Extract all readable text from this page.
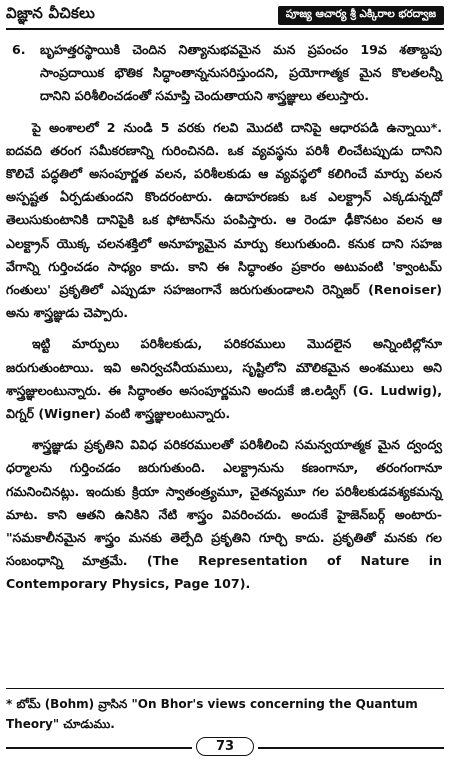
విజ్ఞాన వీచికలు	పూజ్య ఆచార్య శ్రీ ఎక్కిరాల భరద్వాజ
6.	బృహత్తరస్థాయికి చెందిన నిత్యానుభవమైన మన ప్రపంచం 19వ శతాబ్దపు సాంప్రదాయిక భౌతిక సిద్ధాంతాన్ననుసరిస్తుందని, ప్రయోగాత్మక మైన కొలతలన్నీ దానిని పరిశీలించడంతో సమాప్తి చెందుతాయని శాస్త్రజ్ఞులు తలుస్తారు.

పై అంశాలలో 2 నుండి 5 వరకు గలవి మొదటి దానిపై ఆధారపడి ఉన్నాయి*. ఐదవది తరంగ సమీకరణాన్ని గురించినది. ఒక వ్యవస్థను పరిశీ లించేటప్పుడు దానిని కొలిచే పద్ధతిలో అసంపూర్ణత వలన, పరిశీలకుడు ఆ వ్యవస్థలో కలిగించే మార్పు వలన అస్పష్టత ఏర్పడుతుందని కొందరంటారు. ఉదాహరణకు ఒక ఎలక్ట్రాన్ ఎక్కడున్నదో తెలుసుకుంటానికి దానిపైకి ఒక ఫోటాన్‌ను పంపిస్తారు. ఆ రెండూ ఢీకొనటం వలన ఆ ఎలక్ట్రాన్ యొక్క చలనశక్తిలో అనూహ్యమైన మార్పు కలుగుతుంది. కనుక దాని సహజ వేగాన్ని గుర్తించడం సాధ్యం కాదు. కాని ఈ సిద్ధాంతం ప్రకారం అటువంటి 'క్వాంటమ్ గంతులు' ప్రకృతిలో ఎప్పుడూ సహజంగానే జరుగుతుండాలని రెన్నిజర్ (Renoiser) అను శాస్త్రజ్ఞుడు చెప్పారు.

ఇట్టి మార్పులు పరిశీలకుడు, పరికరములు మొదలైన అన్నింటిల్లోనూ జరుగుతుంటాయి. ఇవి అనిర్వచనీయములు, సృష్టిలోని మౌలికమైన అంశములు అని శాస్త్రజ్ఞులంటున్నారు. ఈ సిద్ధాంతం అసంపూర్ణమని అందుకే జి.లడ్విగ్ (G. Ludwig), విగ్నర్ (Wigner) వంటి శాస్త్రజ్ఞులంటున్నారు.

శాస్త్రజ్ఞుడు ప్రకృతిని వివిధ పరికరములతో పరిశీలించి సమన్వయాత్మక మైన ద్వంద్వ ధర్మాలను గుర్తించడం జరుగుతుంది. ఎలక్ట్రానును కణంగానూ, తరంగంగానూ గమనించినట్లు. ఇందుకు క్రియా స్వాతంత్ర్యమూ, చైతన్యమూ గల పరిశీలకుడవశ్యకమన్న మాట. కాని ఆతని ఉనికిని నేటి శాస్త్రం వివరించదు. అందుకే హైజెన్‌బర్గ్ అంటారు- "సమకాలీనమైన శాస్త్రం మనకు తెల్పేది ప్రకృతిని గూర్చి కాదు. ప్రకృతితో మనకు గల సంబంధాన్ని మాత్రమే. (The Representation of Nature in Contemporary Physics, Page 107).

* బోమ్ (Bohm) వ్రాసిన "On Bhor's views concerning the Quantum Theory" చూడుము.
73
